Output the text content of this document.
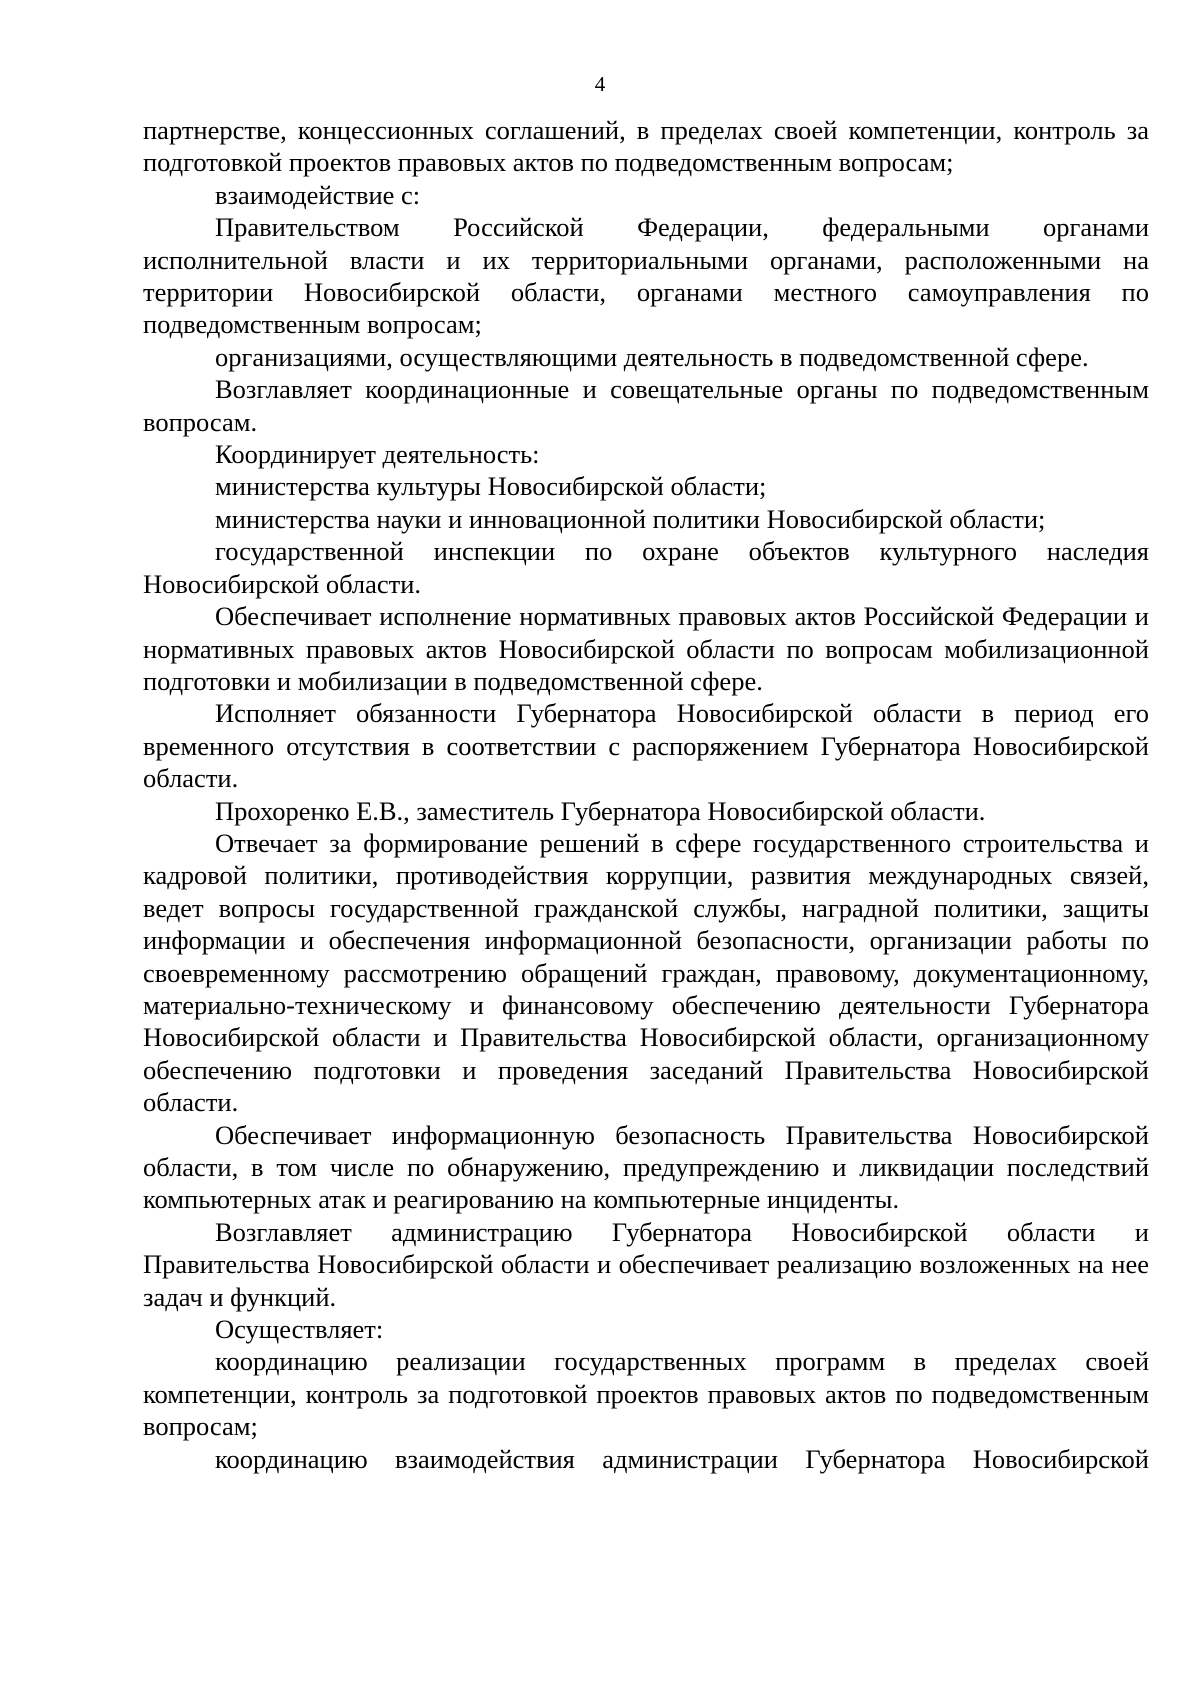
4

партнерстве, концессионных соглашений, в пределах своей компетенции, контроль за подготовкой проектов правовых актов по подведомственным вопросам;

взаимодействие с:

Правительством Российской Федерации, федеральными органами исполнительной власти и их территориальными органами, расположенными на территории Новосибирской области, органами местного самоуправления по подведомственным вопросам;

организациями, осуществляющими деятельность в подведомственной сфере.

Возглавляет координационные и совещательные органы по подведомственным вопросам.

Координирует деятельность:

министерства культуры Новосибирской области;

министерства науки и инновационной политики Новосибирской области;

государственной инспекции по охране объектов культурного наследия Новосибирской области.

Обеспечивает исполнение нормативных правовых актов Российской Федерации и нормативных правовых актов Новосибирской области по вопросам мобилизационной подготовки и мобилизации в подведомственной сфере.

Исполняет обязанности Губернатора Новосибирской области в период его временного отсутствия в соответствии с распоряжением Губернатора Новосибирской области.

Прохоренко Е.В., заместитель Губернатора Новосибирской области.

Отвечает за формирование решений в сфере государственного строительства и кадровой политики, противодействия коррупции, развития международных связей, ведет вопросы государственной гражданской службы, наградной политики, защиты информации и обеспечения информационной безопасности, организации работы по своевременному рассмотрению обращений граждан, правовому, документационному, материально-техническому и финансовому обеспечению деятельности Губернатора Новосибирской области и Правительства Новосибирской области, организационному обеспечению подготовки и проведения заседаний Правительства Новосибирской области.

Обеспечивает информационную безопасность Правительства Новосибирской области, в том числе по обнаружению, предупреждению и ликвидации последствий компьютерных атак и реагированию на компьютерные инциденты.

Возглавляет администрацию Губернатора Новосибирской области и Правительства Новосибирской области и обеспечивает реализацию возложенных на нее задач и функций.

Осуществляет:

координацию реализации государственных программ в пределах своей компетенции, контроль за подготовкой проектов правовых актов по подведомственным вопросам;

координацию взаимодействия администрации Губернатора Новосибирской
